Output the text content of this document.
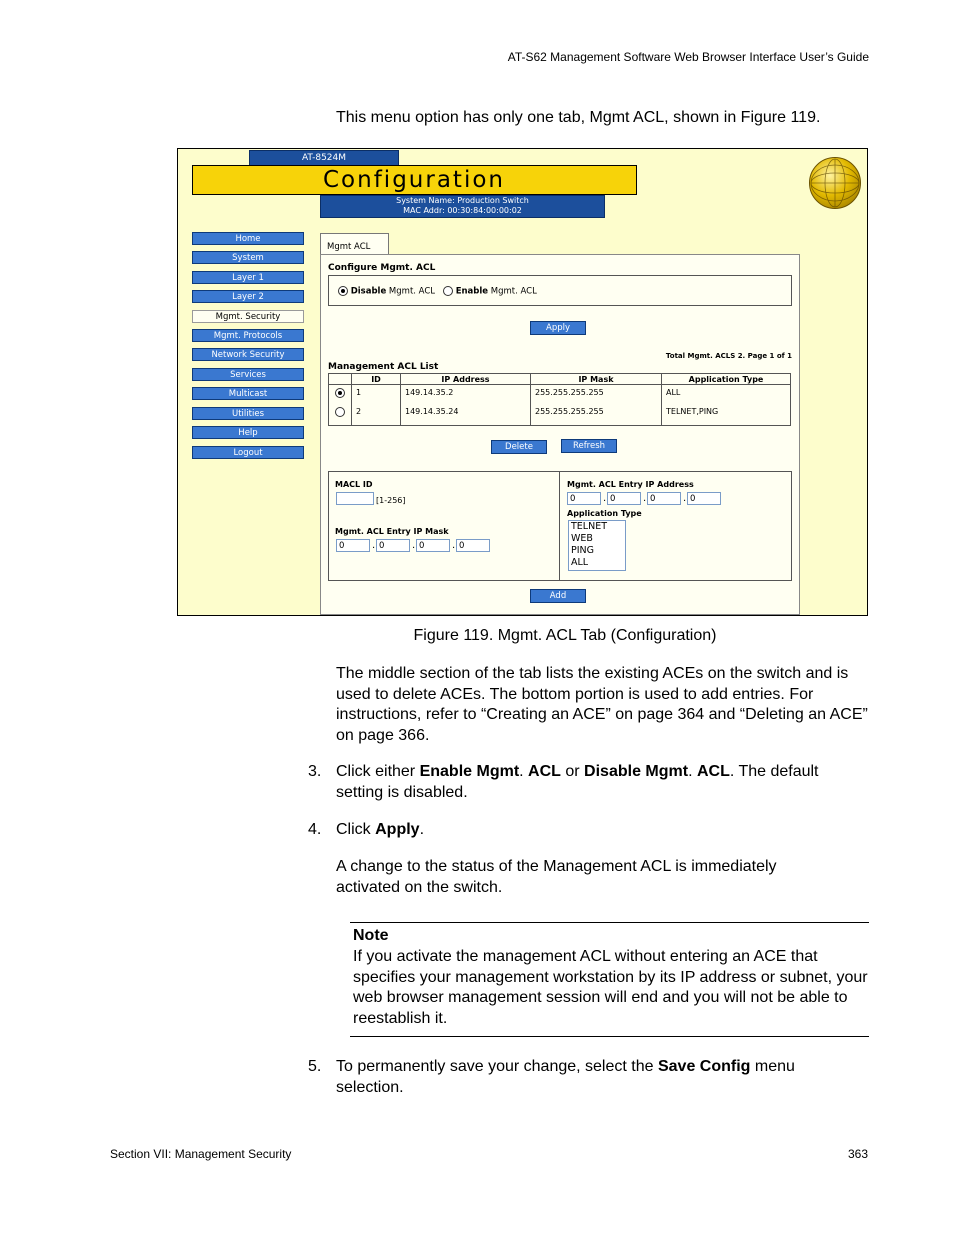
AT-S62 Management Software Web Browser Interface User’s Guide
This menu option has only one tab, Mgmt ACL, shown in Figure 119.
AT-8524M
Configuration
System Name: Production Switch
MAC Addr: 00:30:84:00:00:02
Home
System
Layer 1
Layer 2
Mgmt. Security
Mgmt. Protocols
Network Security
Services
Multicast
Utilities
Help
Logout
Mgmt ACL
Configure Mgmt. ACL
Disable Mgmt. ACL	Enable Mgmt. ACL
Apply
Management ACL List
Total Mgmt. ACLS 2. Page 1 of 1
	ID	IP Address	IP Mask	Application Type
	1	149.14.35.2	255.255.255.255	ALL
	2	149.14.35.24	255.255.255.255	TELNET,PING
Delete	Refresh
MACL ID
[1-256]
Mgmt. ACL Entry IP Mask
0	. 0	. 0	. 0
Mgmt. ACL Entry IP Address
0	. 0	. 0	. 0
Application Type
TELNET
WEB
PING
ALL
Add
Figure 119. Mgmt. ACL Tab (Configuration)
The middle section of the tab lists the existing ACEs on the switch and is used to delete ACEs. The bottom portion is used to add entries. For instructions, refer to “Creating an ACE” on page 364 and “Deleting an ACE” on page 366.
3. Click either Enable Mgmt. ACL or Disable Mgmt. ACL. The default setting is disabled.
4. Click Apply.
A change to the status of the Management ACL is immediately activated on the switch.
Note
If you activate the management ACL without entering an ACE that specifies your management workstation by its IP address or subnet, your web browser management session will end and you will not be able to reestablish it.
5. To permanently save your change, select the Save Config menu selection.
Section VII: Management Security	363
